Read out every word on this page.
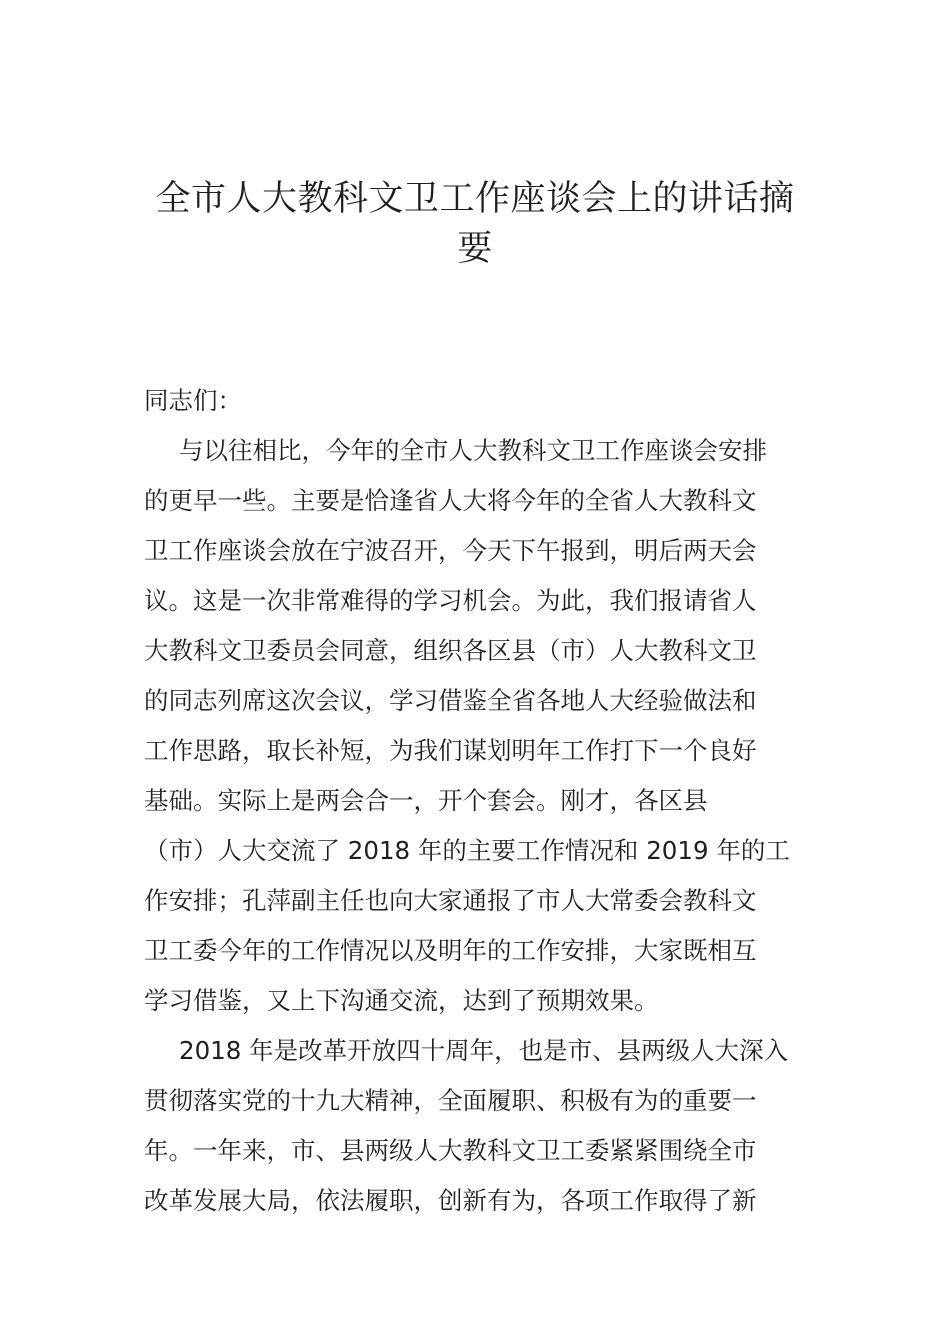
全市人大教科文卫工作座谈会上的讲话摘
要
同志们：
与以往相比，今年的全市人大教科文卫工作座谈会安排
的更早一些。主要是恰逢省人大将今年的全省人大教科文
卫工作座谈会放在宁波召开，今天下午报到，明后两天会
议。这是一次非常难得的学习机会。为此，我们报请省人
大教科文卫委员会同意，组织各区县（市）人大教科文卫
的同志列席这次会议，学习借鉴全省各地人大经验做法和
工作思路，取长补短，为我们谋划明年工作打下一个良好
基础。实际上是两会合一，开个套会。刚才，各区县
（市）人大交流了 2018 年的主要工作情况和 2019 年的工
作安排；孔萍副主任也向大家通报了市人大常委会教科文
卫工委今年的工作情况以及明年的工作安排，大家既相互
学习借鉴，又上下沟通交流，达到了预期效果。
2018 年是改革开放四十周年，也是市、县两级人大深入
贯彻落实党的十九大精神，全面履职、积极有为的重要一
年。一年来，市、县两级人大教科文卫工委紧紧围绕全市
改革发展大局，依法履职，创新有为，各项工作取得了新
